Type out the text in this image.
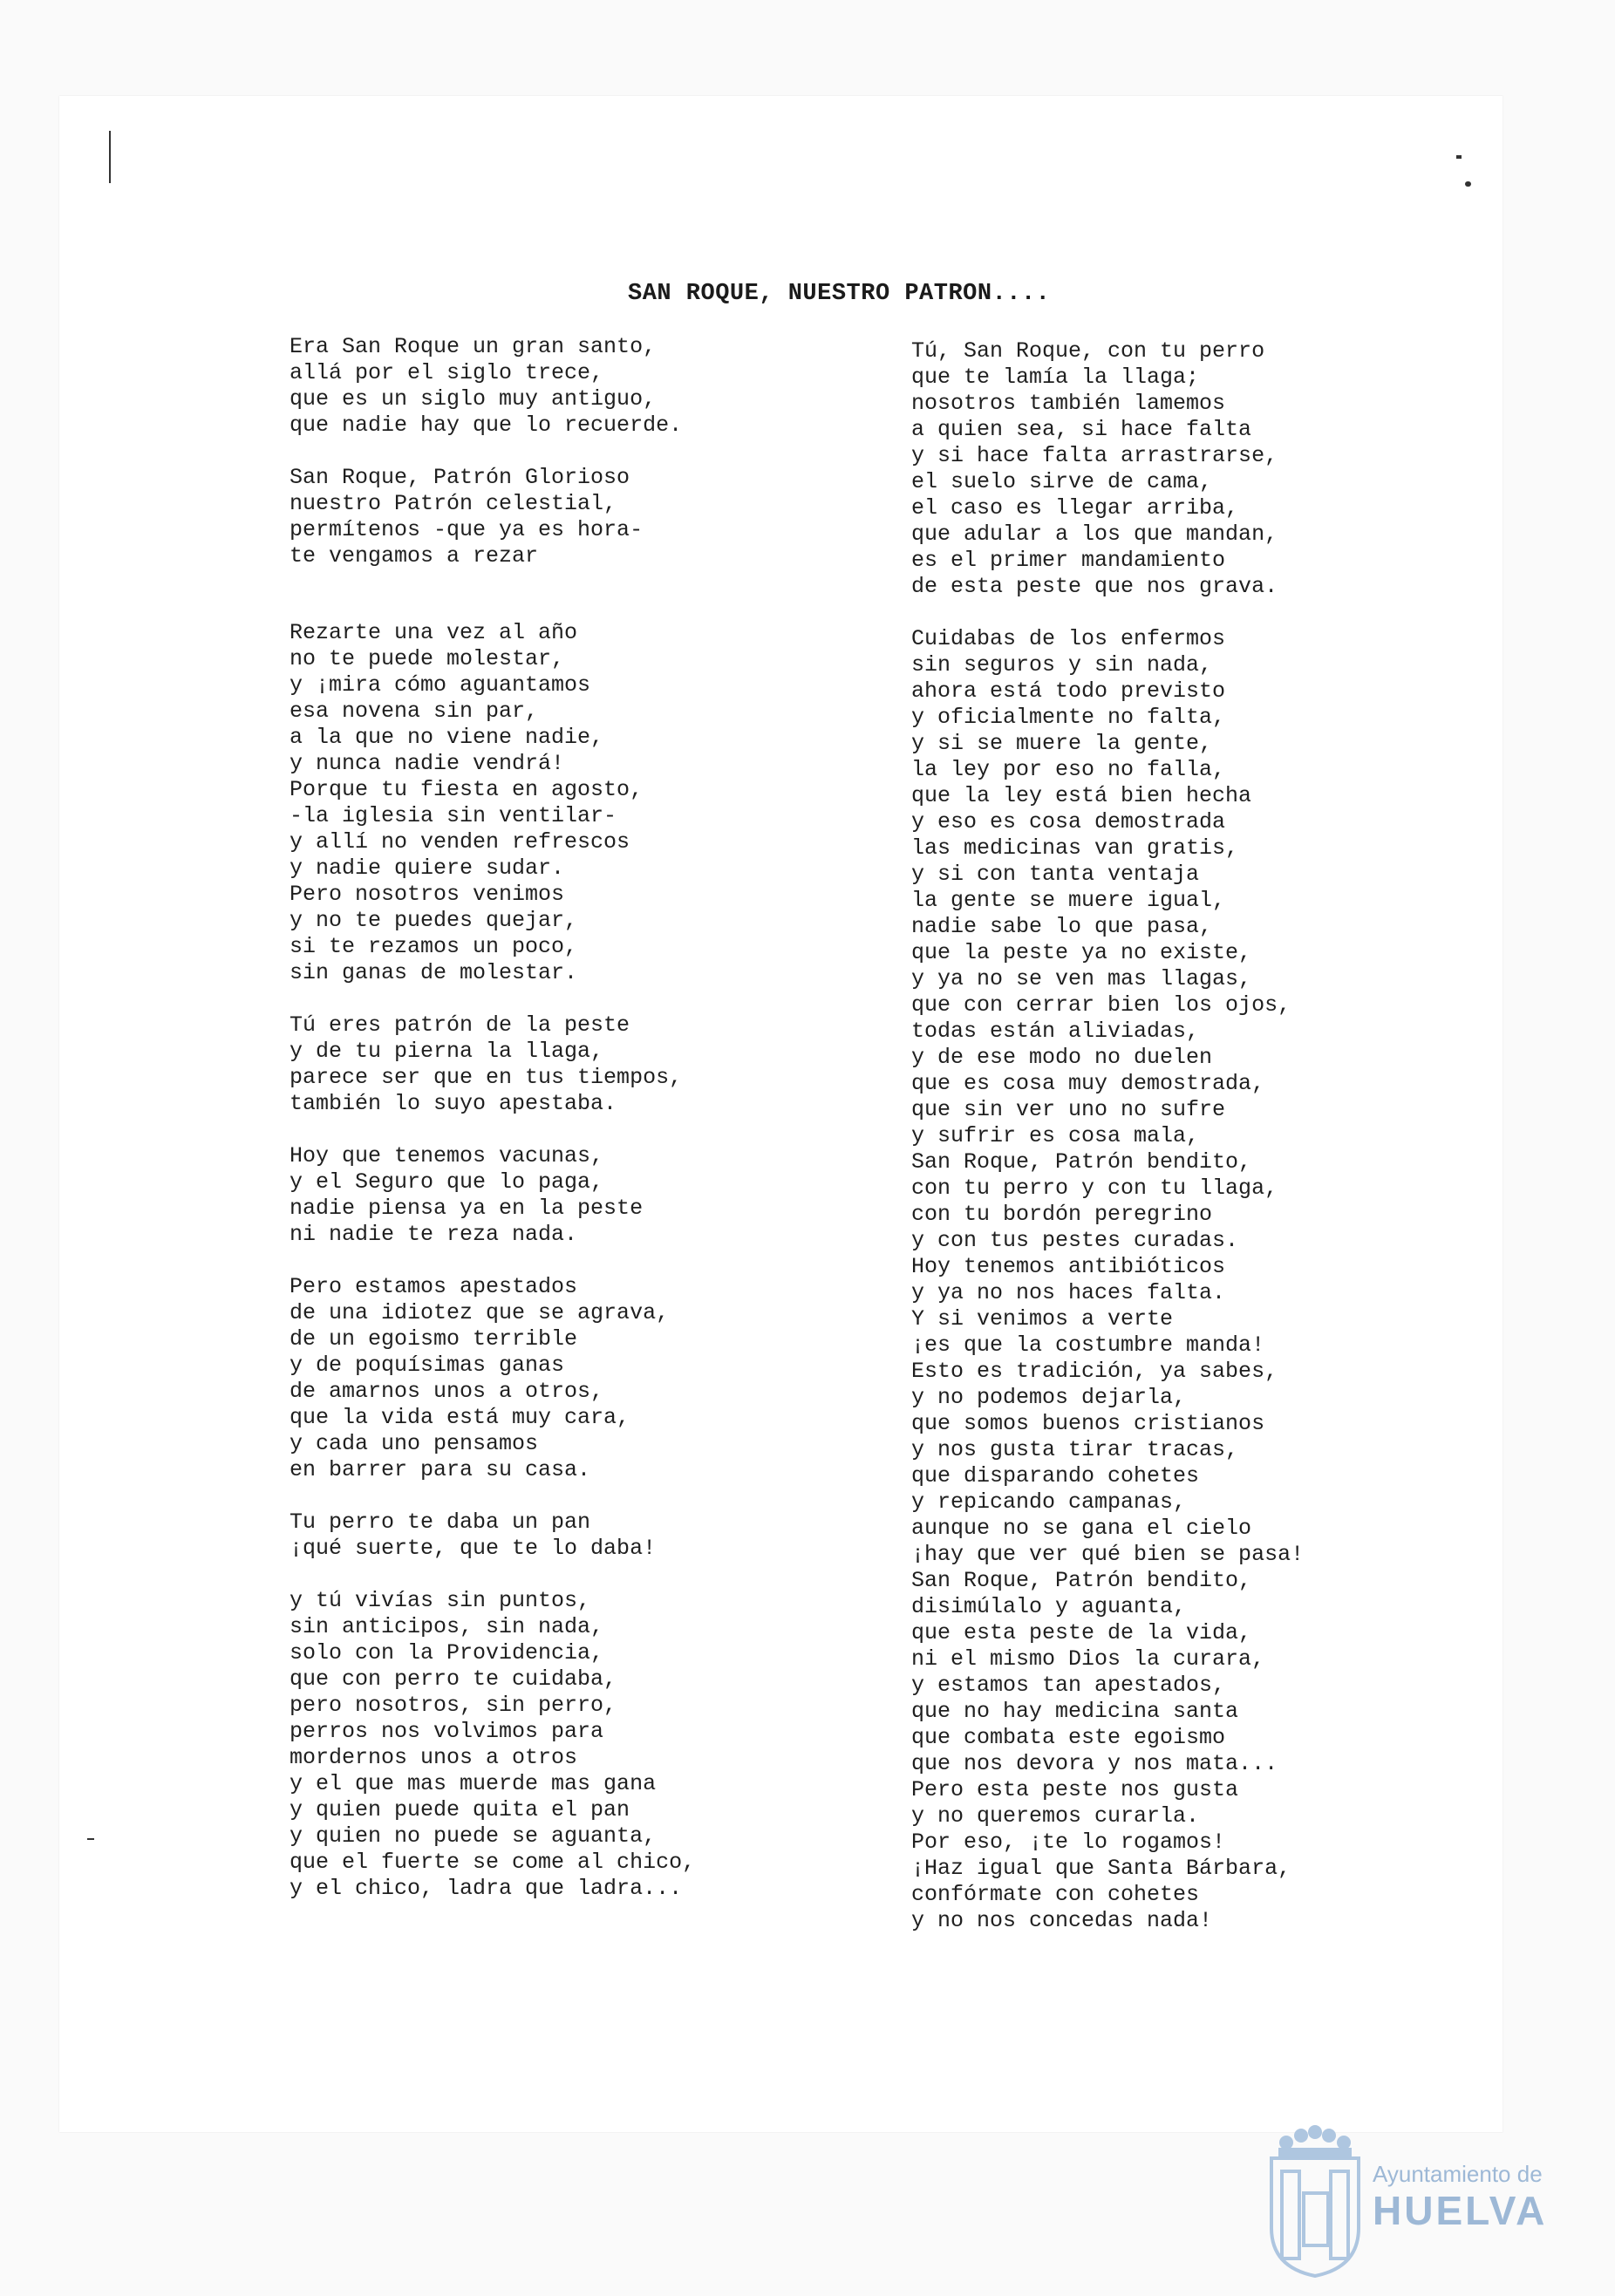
SAN ROQUE, NUESTRO PATRON....
Era San Roque un gran santo,
allá por el siglo trece,
que es un siglo muy antiguo,
que nadie hay que lo recuerde.
San Roque, Patrón Glorioso
nuestro Patrón celestial,
permítenos -que ya es hora-
te vengamos a rezar
Rezarte una vez al año
no te puede molestar,
y ¡mira cómo aguantamos
esa novena sin par,
a la que no viene nadie,
y nunca nadie vendrá!
Porque tu fiesta en agosto,
-la iglesia sin ventilar-
y allí no venden refrescos
y nadie quiere sudar.
Pero nosotros venimos
y no te puedes quejar,
si te rezamos un poco,
sin ganas de molestar.
Tú eres patrón de la peste
y de tu pierna la llaga,
parece ser que en tus tiempos,
también lo suyo apestaba.
Hoy que tenemos vacunas,
y el Seguro que lo paga,
nadie piensa ya en la peste
ni nadie te reza nada.
Pero estamos apestados
de una idiotez que se agrava,
de un egoismo terrible
y de poquísimas ganas
de amarnos unos a otros,
que la vida está muy cara,
y cada uno pensamos
en barrer para su casa.
Tu perro te daba un pan
¡qué suerte, que te lo daba!
y tú vivías sin puntos,
sin anticipos, sin nada,
solo con la Providencia,
que con perro te cuidaba,
pero nosotros, sin perro,
perros nos volvimos para
mordernos unos a otros
y el que mas muerde mas gana
y quien puede quita el pan
y quien no puede se aguanta,
que el fuerte se come al chico,
y el chico, ladra que ladra...
Tú, San Roque, con tu perro
que te lamía la llaga;
nosotros también lamemos
a quien sea, si hace falta
y si hace falta arrastrarse,
el suelo sirve de cama,
el caso es llegar arriba,
que adular a los que mandan,
es el primer mandamiento
de esta peste que nos grava.
Cuidabas de los enfermos
sin seguros y sin nada,
ahora está todo previsto
y oficialmente no falta,
y si se muere la gente,
la ley por eso no falla,
que la ley está bien hecha
y eso es cosa demostrada
las medicinas van gratis,
y si con tanta ventaja
la gente se muere igual,
nadie sabe lo que pasa,
que la peste ya no existe,
y ya no se ven mas llagas,
que con cerrar bien los ojos,
todas están aliviadas,
y de ese modo no duelen
que es cosa muy demostrada,
que sin ver uno no sufre
y sufrir es cosa mala,
San Roque, Patrón bendito,
con tu perro y con tu llaga,
con tu bordón peregrino
y con tus pestes curadas.
Hoy tenemos antibióticos
y ya no nos haces falta.
Y si venimos a verte
¡es que la costumbre manda!
Esto es tradición, ya sabes,
y no podemos dejarla,
que somos buenos cristianos
y nos gusta tirar tracas,
que disparando cohetes
y repicando campanas,
aunque no se gana el cielo
¡hay que ver qué bien se pasa!
San Roque, Patrón bendito,
disimúlalo y aguanta,
que esta peste de la vida,
ni el mismo Dios la curara,
y estamos tan apestados,
que no hay medicina santa
que combata este egoismo
que nos devora y nos mata...
Pero esta peste nos gusta
y no queremos curarla.
Por eso, ¡te lo rogamos!
¡Haz igual que Santa Bárbara,
confórmate con cohetes
y no nos concedas nada!
Ayuntamiento de
HUELVA
